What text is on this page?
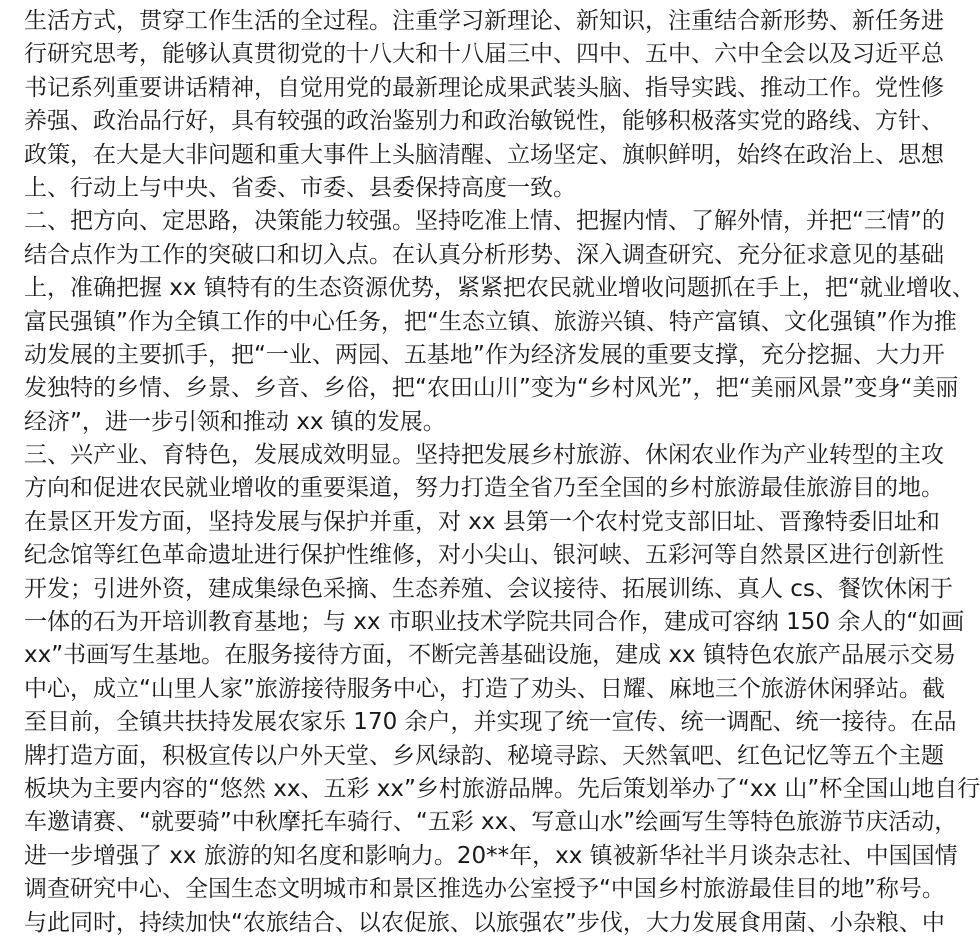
生活方式，贯穿工作生活的全过程。注重学习新理论、新知识，注重结合新形势、新任务进
行研究思考，能够认真贯彻党的十八大和十八届三中、四中、五中、六中全会以及习近平总
书记系列重要讲话精神，自觉用党的最新理论成果武装头脑、指导实践、推动工作。党性修
养强、政治品行好，具有较强的政治鉴别力和政治敏锐性，能够积极落实党的路线、方针、
政策，在大是大非问题和重大事件上头脑清醒、立场坚定、旗帜鲜明，始终在政治上、思想
上、行动上与中央、省委、市委、县委保持高度一致。
二、把方向、定思路，决策能力较强。坚持吃准上情、把握内情、了解外情，并把“三情”的
结合点作为工作的突破口和切入点。在认真分析形势、深入调查研究、充分征求意见的基础
上，准确把握 xx 镇特有的生态资源优势，紧紧把农民就业增收问题抓在手上，把“就业增收、
富民强镇”作为全镇工作的中心任务，把“生态立镇、旅游兴镇、特产富镇、文化强镇”作为推
动发展的主要抓手，把“一业、两园、五基地”作为经济发展的重要支撑，充分挖掘、大力开
发独特的乡情、乡景、乡音、乡俗，把“农田山川”变为“乡村风光”，把“美丽风景”变身“美丽
经济”，进一步引领和推动 xx 镇的发展。
三、兴产业、育特色，发展成效明显。坚持把发展乡村旅游、休闲农业作为产业转型的主攻
方向和促进农民就业增收的重要渠道，努力打造全省乃至全国的乡村旅游最佳旅游目的地。
在景区开发方面，坚持发展与保护并重，对 xx 县第一个农村党支部旧址、晋豫特委旧址和
纪念馆等红色革命遗址进行保护性维修，对小尖山、银河峡、五彩河等自然景区进行创新性
开发；引进外资，建成集绿色采摘、生态养殖、会议接待、拓展训练、真人 cs、餐饮休闲于
一体的石为开培训教育基地；与 xx 市职业技术学院共同合作，建成可容纳 150 余人的“如画
xx”书画写生基地。在服务接待方面，不断完善基础设施，建成 xx 镇特色农旅产品展示交易
中心，成立“山里人家”旅游接待服务中心，打造了劝头、日耀、麻地三个旅游休闲驿站。截
至目前，全镇共扶持发展农家乐 170 余户，并实现了统一宣传、统一调配、统一接待。在品
牌打造方面，积极宣传以户外天堂、乡风绿韵、秘境寻踪、天然氧吧、红色记忆等五个主题
板块为主要内容的“悠然 xx、五彩 xx”乡村旅游品牌。先后策划举办了“xx 山”杯全国山地自行
车邀请赛、“就要骑”中秋摩托车骑行、“五彩 xx、写意山水”绘画写生等特色旅游节庆活动，
进一步增强了 xx 旅游的知名度和影响力。20**年，xx 镇被新华社半月谈杂志社、中国国情
调查研究中心、全国生态文明城市和景区推选办公室授予“中国乡村旅游最佳目的地”称号。
与此同时，持续加快“农旅结合、以农促旅、以旅强农”步伐，大力发展食用菌、小杂粮、中
